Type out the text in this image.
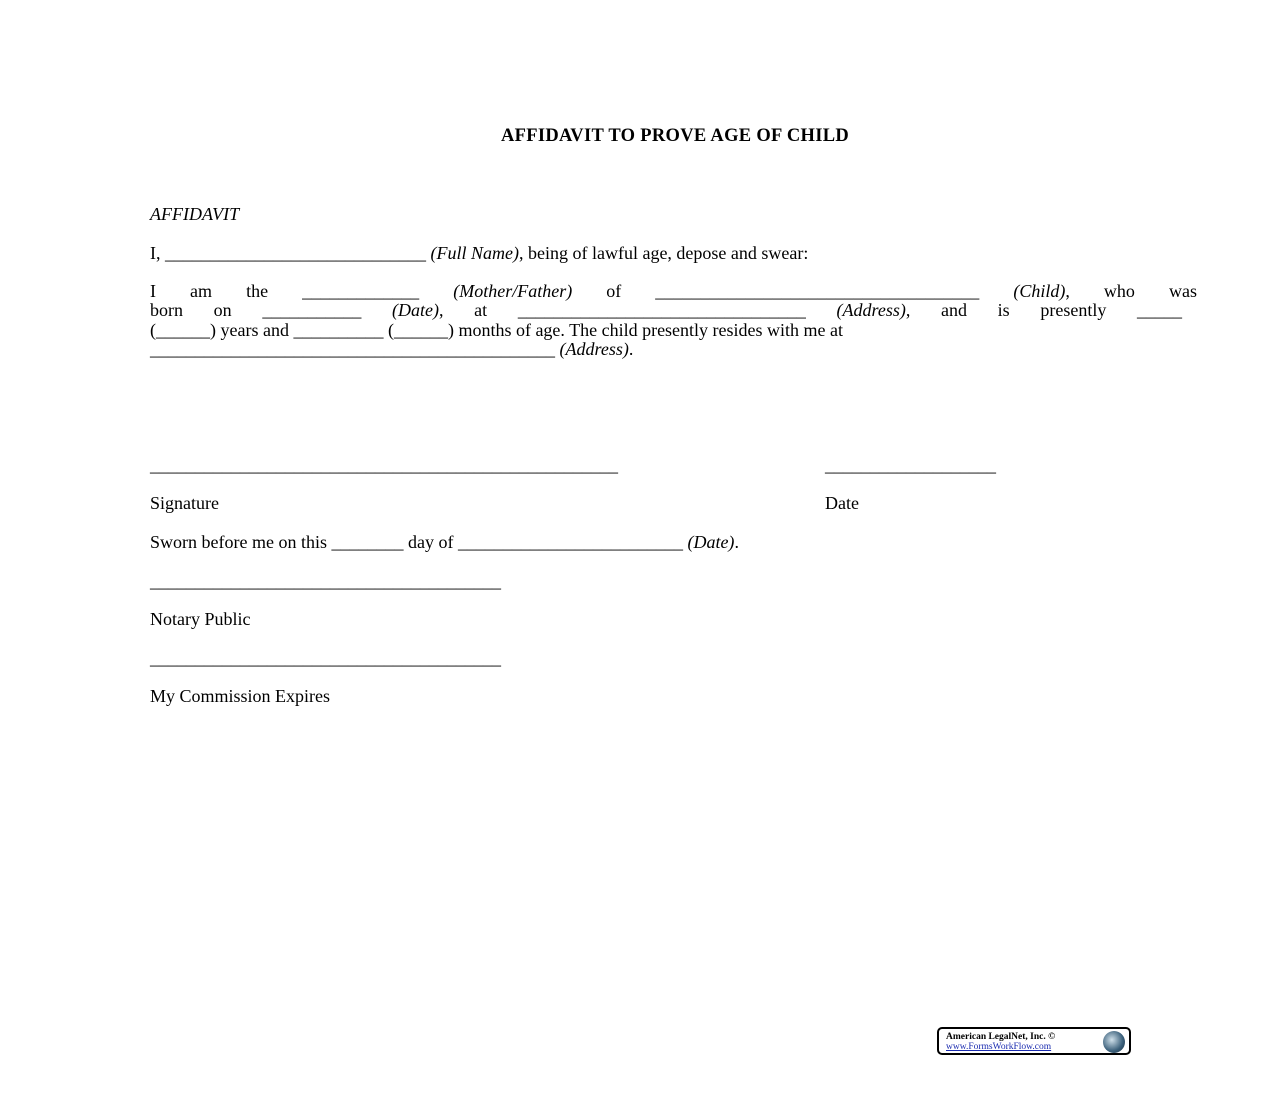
AFFIDAVIT TO PROVE AGE OF CHILD
AFFIDAVIT
I, _____________________________ (Full Name), being of lawful age, depose and swear:
I am the _____________ (Mother/Father) of ____________________________________ (Child), who was
born on ___________ (Date), at ________________________________ (Address), and is presently _____
(______) years and __________ (______) months of age. The child presently resides with me at
_____________________________________________ (Address).
____________________________________________________	___________________
Signature	Date
Sworn before me on this ________ day of _________________________ (Date).
_______________________________________
Notary Public
_______________________________________
My Commission Expires
American LegalNet, Inc. ©
www.FormsWorkFlow.com
